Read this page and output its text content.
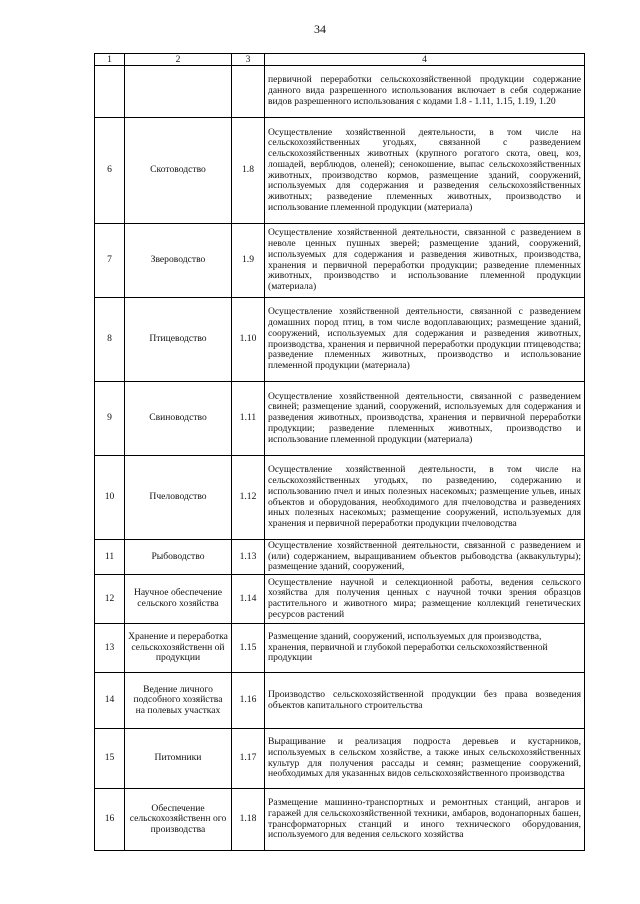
34
1	2	3	4
			первичной переработки сельскохозяйственной продукции содержание данного вида разрешенного использования включает в себя содержание видов разрешенного использования с кодами 1.8 - 1.11, 1.15, 1.19, 1.20
6	Скотоводство	1.8	Осуществление хозяйственной деятельности, в том числе на сельскохозяйственных угодьях, связанной с разведением сельскохозяйственных животных (крупного рогатого скота, овец, коз, лошадей, верблюдов, оленей); сенокошение, выпас сельскохозяйственных животных, производство кормов, размещение зданий, сооружений, используемых для содержания и разведения сельскохозяйственных животных; разведение племенных животных, производство и использование племенной продукции (материала)
7	Звероводство	1.9	Осуществление хозяйственной деятельности, связанной с разведением в неволе ценных пушных зверей; размещение зданий, сооружений, используемых для содержания и разведения животных, производства, хранения и первичной переработки продукции; разведение племенных животных, производство и использование племенной продукции (материала)
8	Птицеводство	1.10	Осуществление хозяйственной деятельности, связанной с разведением домашних пород птиц, в том числе водоплавающих; размещение зданий, сооружений, используемых для содержания и разведения животных, производства, хранения и первичной переработки продукции птицеводства; разведение племенных животных, производство и использование племенной продукции (материала)
9	Свиноводство	1.11	Осуществление хозяйственной деятельности, связанной с разведением свиней; размещение зданий, сооружений, используемых для содержания и разведения животных, производства, хранения и первичной переработки продукции; разведение племенных животных, производство и использование племенной продукции (материала)
10	Пчеловодство	1.12	Осуществление хозяйственной деятельности, в том числе на сельскохозяйственных угодьях, по разведению, содержанию и использованию пчел и иных полезных насекомых; размещение ульев, иных объектов и оборудования, необходимого для пчеловодства и разведениях иных полезных насекомых; размещение сооружений, используемых для хранения и первичной переработки продукции пчеловодства
11	Рыбоводство	1.13	Осуществление хозяйственной деятельности, связанной с разведением и (или) содержанием, выращиванием объектов рыбоводства (аквакультуры); размещение зданий, сооружений,
12	Научное обеспечение сельского хозяйства	1.14	Осуществление научной и селекционной работы, ведения сельского хозяйства для получения ценных с научной точки зрения образцов растительного и животного мира; размещение коллекций генетических ресурсов растений
13	Хранение и переработка сельскохозяйственн ой продукции	1.15	Размещение зданий, сооружений, используемых для производства, хранения, первичной и глубокой переработки сельскохозяйственной продукции
14	Ведение личного подсобного хозяйства на полевых участках	1.16	Производство сельскохозяйственной продукции без права возведения объектов капитального строительства
15	Питомники	1.17	Выращивание и реализация подроста деревьев и кустарников, используемых в сельском хозяйстве, а также иных сельскохозяйственных культур для получения рассады и семян; размещение сооружений, необходимых для указанных видов сельскохозяйственного производства
16	Обеспечение сельскохозяйственн ого производства	1.18	Размещение машинно-транспортных и ремонтных станций, ангаров и гаражей для сельскохозяйственной техники, амбаров, водонапорных башен, трансформаторных станций и иного технического оборудования, используемого для ведения сельского хозяйства
